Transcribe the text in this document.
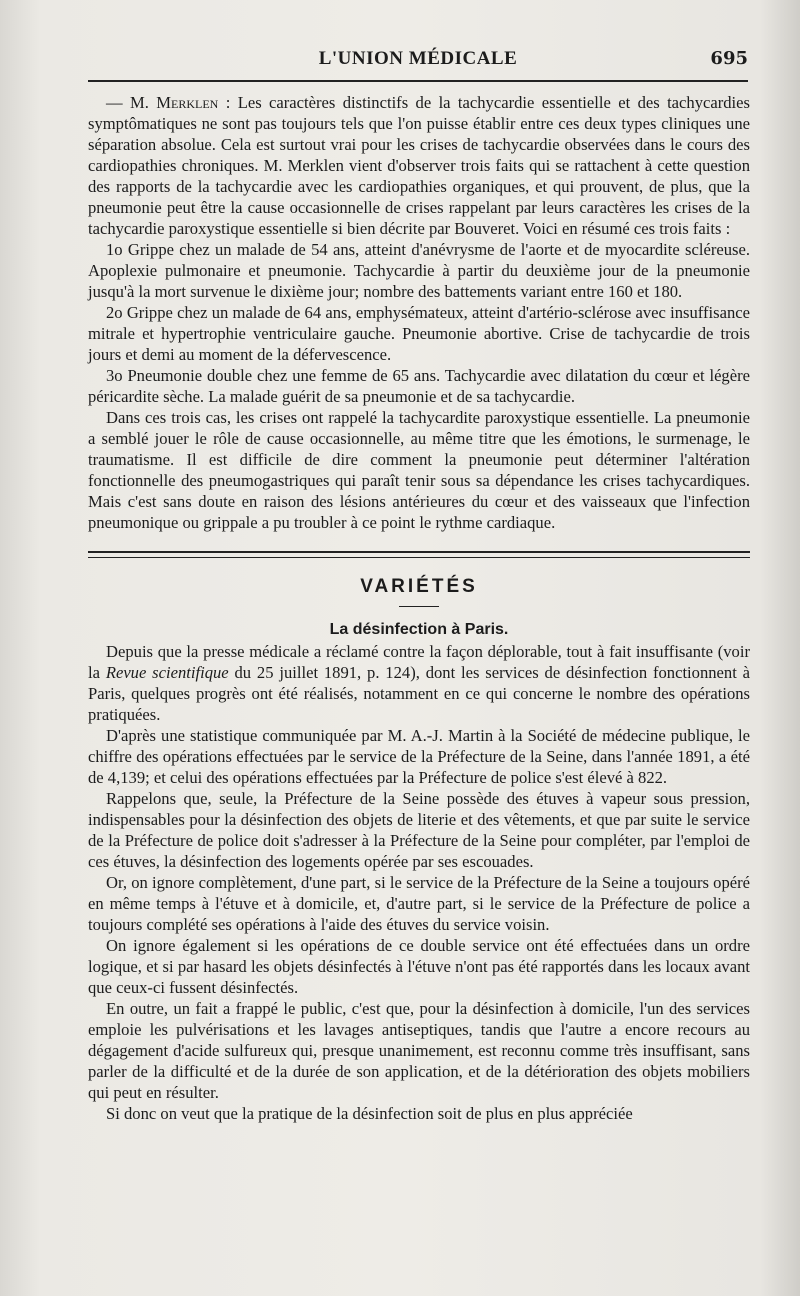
L'UNION MÉDICALE	695

— M. Merklen : Les caractères distinctifs de la tachycardie essentielle et des tachycardies symptômatiques ne sont pas toujours tels que l'on puisse établir entre ces deux types cliniques une séparation absolue. Cela est surtout vrai pour les crises de tachycardie observées dans le cours des cardiopathies chroniques. M. Merklen vient d'observer trois faits qui se rattachent à cette question des rapports de la tachycardie avec les cardiopathies organiques, et qui prouvent, de plus, que la pneumonie peut être la cause occasionnelle de crises rappelant par leurs caractères les crises de la tachycardie paroxystique essentielle si bien décrite par Bouveret. Voici en résumé ces trois faits :

1o Grippe chez un malade de 54 ans, atteint d'anévrysme de l'aorte et de myocardite scléreuse. Apoplexie pulmonaire et pneumonie. Tachycardie à partir du deuxième jour de la pneumonie jusqu'à la mort survenue le dixième jour; nombre des battements variant entre 160 et 180.

2o Grippe chez un malade de 64 ans, emphysémateux, atteint d'artério-sclérose avec insuffisance mitrale et hypertrophie ventriculaire gauche. Pneumonie abortive. Crise de tachycardie de trois jours et demi au moment de la défervescence.

3o Pneumonie double chez une femme de 65 ans. Tachycardie avec dilatation du cœur et légère péricardite sèche. La malade guérit de sa pneumonie et de sa tachycardie.

Dans ces trois cas, les crises ont rappelé la tachycardite paroxystique essentielle. La pneumonie a semblé jouer le rôle de cause occasionnelle, au même titre que les émotions, le surmenage, le traumatisme. Il est difficile de dire comment la pneumonie peut déterminer l'altération fonctionnelle des pneumogastriques qui paraît tenir sous sa dépendance les crises tachycardiques. Mais c'est sans doute en raison des lésions antérieures du cœur et des vaisseaux que l'infection pneumonique ou grippale a pu troubler à ce point le rythme cardiaque.

VARIÉTÉS
La désinfection à Paris.

Depuis que la presse médicale a réclamé contre la façon déplorable, tout à fait insuffisante (voir la Revue scientifique du 25 juillet 1891, p. 124), dont les services de désinfection fonctionnent à Paris, quelques progrès ont été réalisés, notamment en ce qui concerne le nombre des opérations pratiquées.

D'après une statistique communiquée par M. A.-J. Martin à la Société de médecine publique, le chiffre des opérations effectuées par le service de la Préfecture de la Seine, dans l'année 1891, a été de 4,139; et celui des opérations effectuées par la Préfecture de police s'est élevé à 822.

Rappelons que, seule, la Préfecture de la Seine possède des étuves à vapeur sous pression, indispensables pour la désinfection des objets de literie et des vêtements, et que par suite le service de la Préfecture de police doit s'adresser à la Préfecture de la Seine pour compléter, par l'emploi de ces étuves, la désinfection des logements opérée par ses escouades.

Or, on ignore complètement, d'une part, si le service de la Préfecture de la Seine a toujours opéré en même temps à l'étuve et à domicile, et, d'autre part, si le service de la Préfecture de police a toujours complété ses opérations à l'aide des étuves du service voisin.

On ignore également si les opérations de ce double service ont été effectuées dans un ordre logique, et si par hasard les objets désinfectés à l'étuve n'ont pas été rapportés dans les locaux avant que ceux-ci fussent désinfectés.

En outre, un fait a frappé le public, c'est que, pour la désinfection à domicile, l'un des services emploie les pulvérisations et les lavages antiseptiques, tandis que l'autre a encore recours au dégagement d'acide sulfureux qui, presque unanimement, est reconnu comme très insuffisant, sans parler de la difficulté et de la durée de son application, et de la détérioration des objets mobiliers qui peut en résulter.

Si donc on veut que la pratique de la désinfection soit de plus en plus appréciée
